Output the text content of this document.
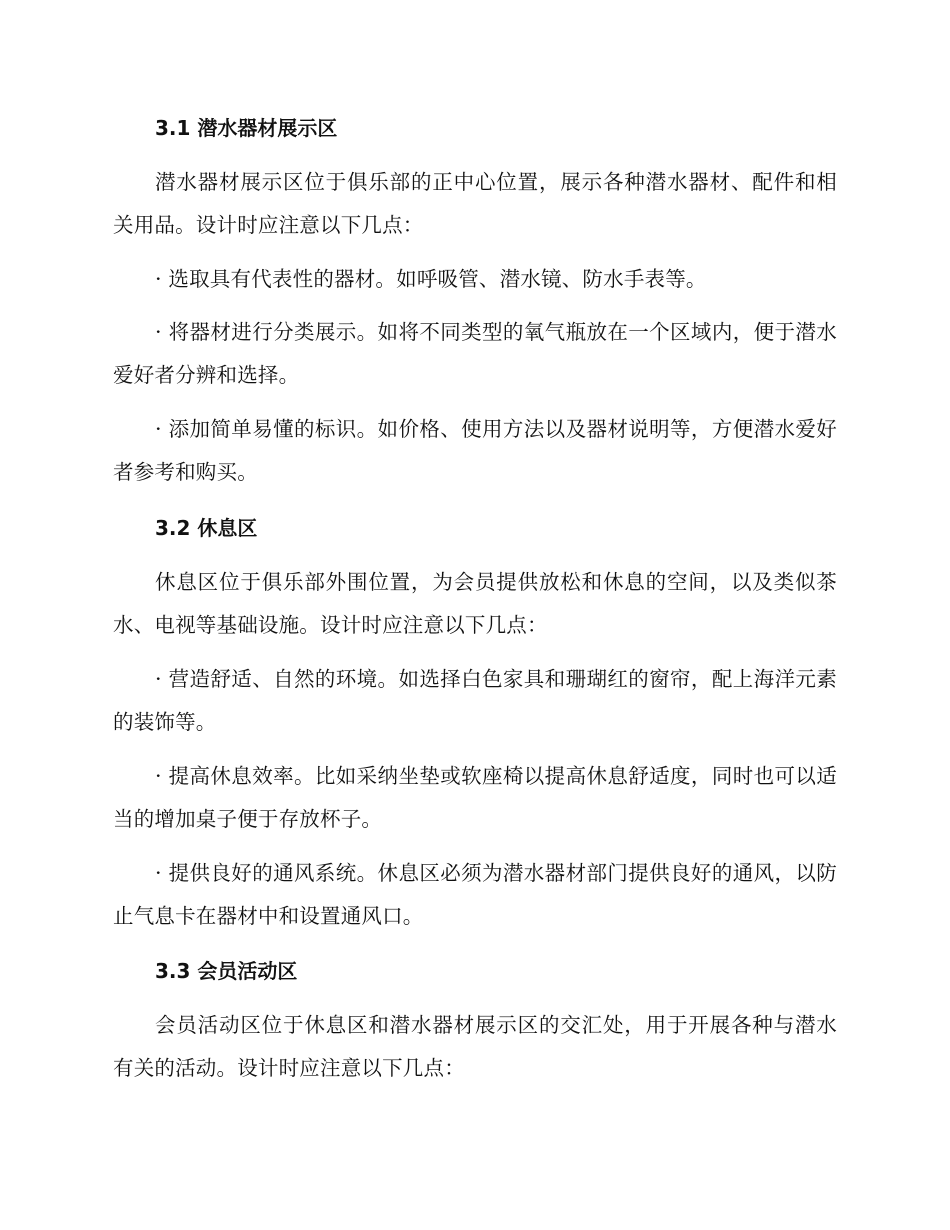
3.1 潜水器材展示区

潜水器材展示区位于俱乐部的正中心位置，展示各种潜水器材、配件和相关用品。设计时应注意以下几点：

· 选取具有代表性的器材。如呼吸管、潜水镜、防水手表等。

· 将器材进行分类展示。如将不同类型的氧气瓶放在一个区域内，便于潜水爱好者分辨和选择。

· 添加简单易懂的标识。如价格、使用方法以及器材说明等，方便潜水爱好者参考和购买。

3.2 休息区

休息区位于俱乐部外围位置，为会员提供放松和休息的空间，以及类似茶水、电视等基础设施。设计时应注意以下几点：

· 营造舒适、自然的环境。如选择白色家具和珊瑚红的窗帘，配上海洋元素的装饰等。

· 提高休息效率。比如采纳坐垫或软座椅以提高休息舒适度，同时也可以适当的增加桌子便于存放杯子。

· 提供良好的通风系统。休息区必须为潜水器材部门提供良好的通风，以防止气息卡在器材中和设置通风口。

3.3 会员活动区

会员活动区位于休息区和潜水器材展示区的交汇处，用于开展各种与潜水有关的活动。设计时应注意以下几点：
